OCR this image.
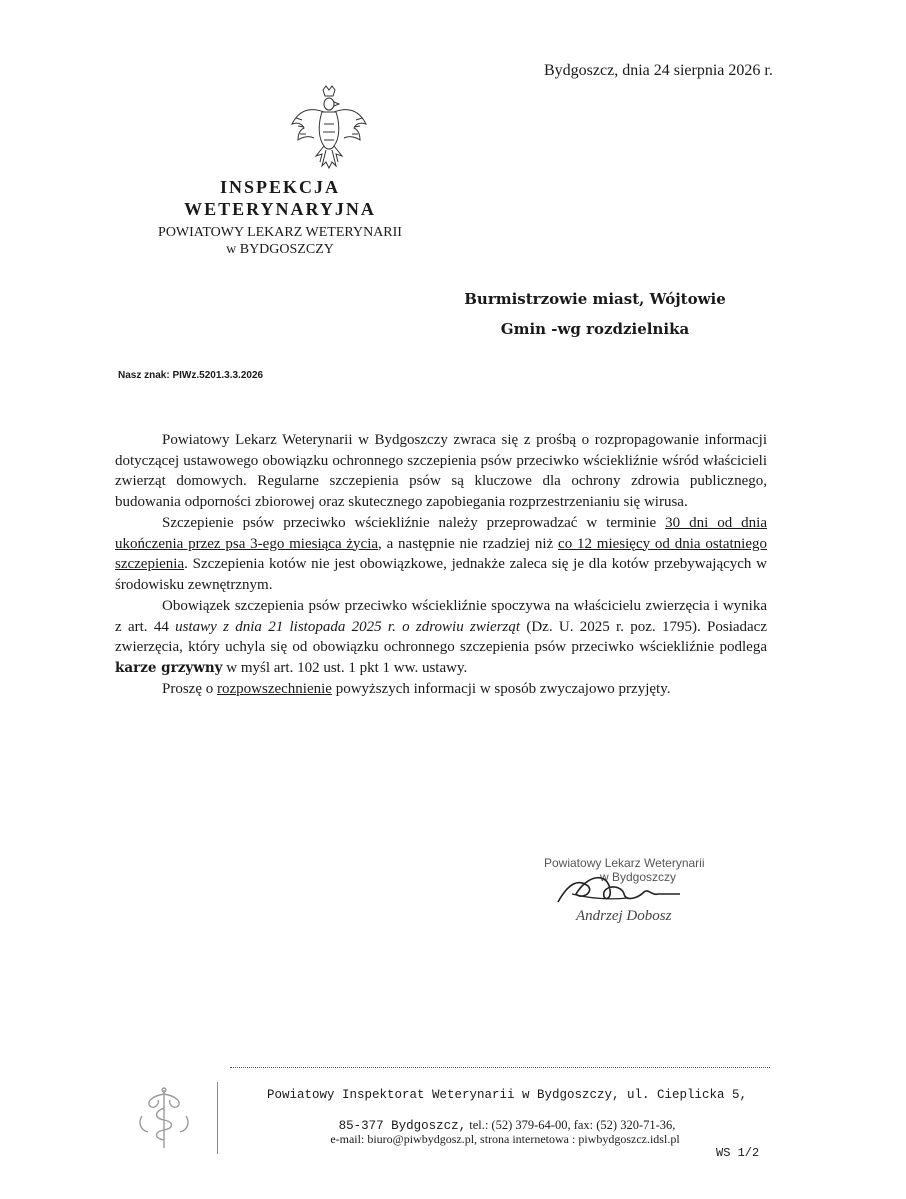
Bydgoszcz, dnia 24 sierpnia 2026 r.
INSPEKCJA
WETERYNARYJNA
POWIATOWY LEKARZ WETERYNARII
w BYDGOSZCZY
Burmistrzowie miast, Wójtowie
Gmin -wg rozdzielnika
Nasz znak: PIWz.5201.3.3.2026

Powiatowy Lekarz Weterynarii w Bydgoszczy zwraca się z prośbą o rozpropagowanie informacji dotyczącej ustawowego obowiązku ochronnego szczepienia psów przeciwko wściekliźnie wśród właścicieli zwierząt domowych. Regularne szczepienia psów są kluczowe dla ochrony zdrowia publicznego, budowania odporności zbiorowej oraz skutecznego zapobiegania rozprzestrzenianiu się wirusa.

Szczepienie psów przeciwko wściekliźnie należy przeprowadzać w terminie 30 dni od dnia ukończenia przez psa 3-ego miesiąca życia, a następnie nie rzadziej niż co 12 miesięcy od dnia ostatniego szczepienia. Szczepienia kotów nie jest obowiązkowe, jednakże zaleca się je dla kotów przebywających w środowisku zewnętrznym.

Obowiązek szczepienia psów przeciwko wściekliźnie spoczywa na właścicielu zwierzęcia i wynika z art. 44 ustawy z dnia 21 listopada 2025 r. o zdrowiu zwierząt (Dz. U. 2025 r. poz. 1795). Posiadacz zwierzęcia, który uchyla się od obowiązku ochronnego szczepienia psów przeciwko wściekliźnie podlega karze grzywny w myśl art. 102 ust. 1 pkt 1 ww. ustawy.

Proszę o rozpowszechnienie powyższych informacji w sposób zwyczajowo przyjęty.

Powiatowy Lekarz Weterynarii
w Bydgoszczy
Andrzej Dobosz
Powiatowy Inspektorat Weterynarii w Bydgoszczy, ul. Cieplicka 5,
85-377 Bydgoszcz, tel.: (52) 379-64-00, fax: (52) 320-71-36,
e-mail: biuro@piwbydgosz.pl, strona internetowa : piwbydgoszcz.idsl.pl
WS 1/2
